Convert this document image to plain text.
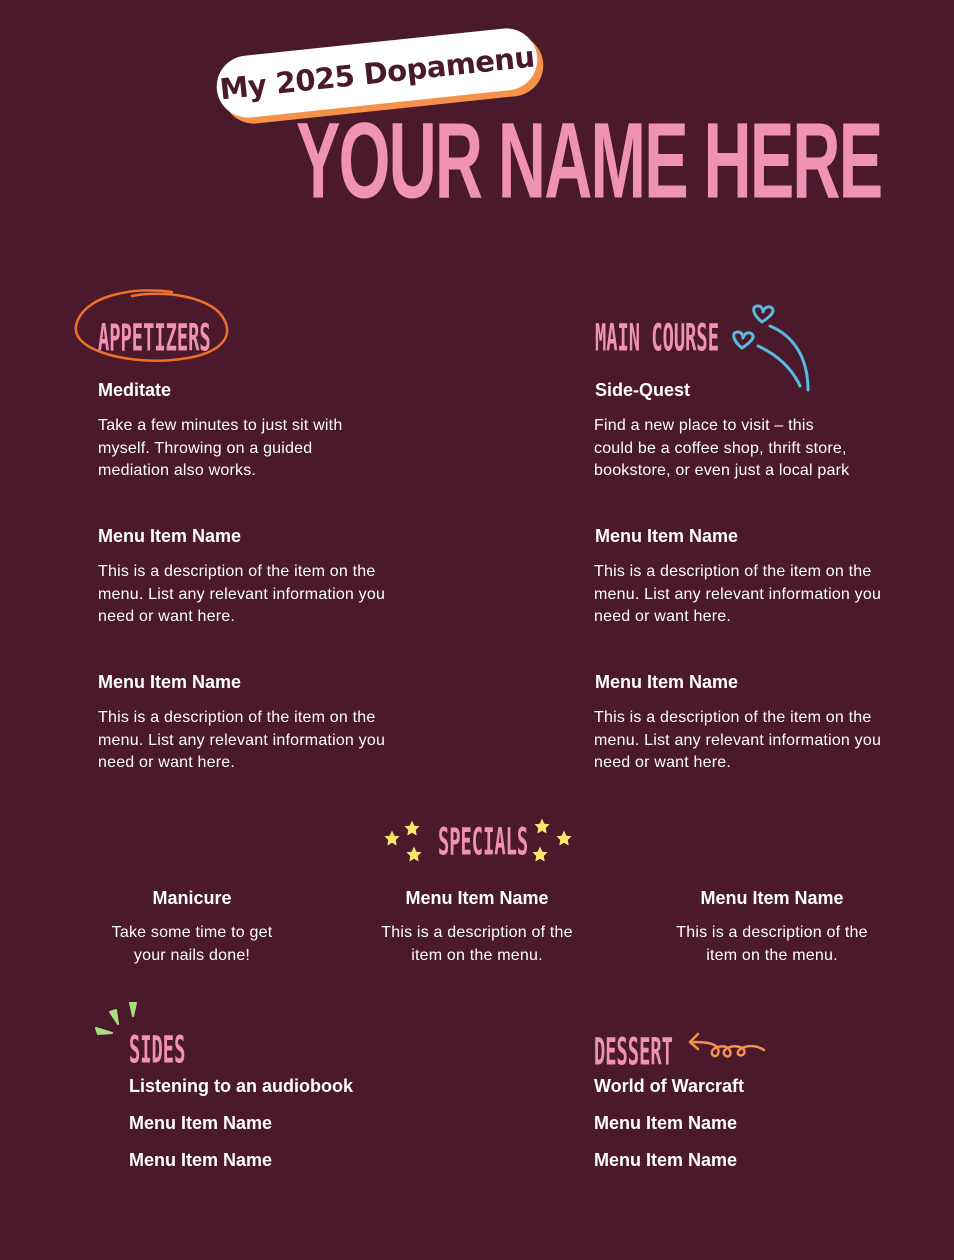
My 2025 Dopamenu
YOUR NAME HERE
APPETIZERS
Meditate
Take a few minutes to just sit with myself. Throwing on a guided mediation also works.
Menu Item Name
This is a description of the item on the menu. List any relevant information you need or want here.
Menu Item Name
This is a description of the item on the menu. List any relevant information you need or want here.
MAIN COURSE
Side-Quest
Find a new place to visit – this could be a coffee shop, thrift store, bookstore, or even just a local park
Menu Item Name
This is a description of the item on the menu. List any relevant information you need or want here.
Menu Item Name
This is a description of the item on the menu. List any relevant information you need or want here.
SPECIALS
Manicure
Take some time to get your nails done!
Menu Item Name
This is a description of the item on the menu.
Menu Item Name
This is a description of the item on the menu.
SIDES
Listening to an audiobook
Menu Item Name
Menu Item Name
DESSERT
World of Warcraft
Menu Item Name
Menu Item Name
